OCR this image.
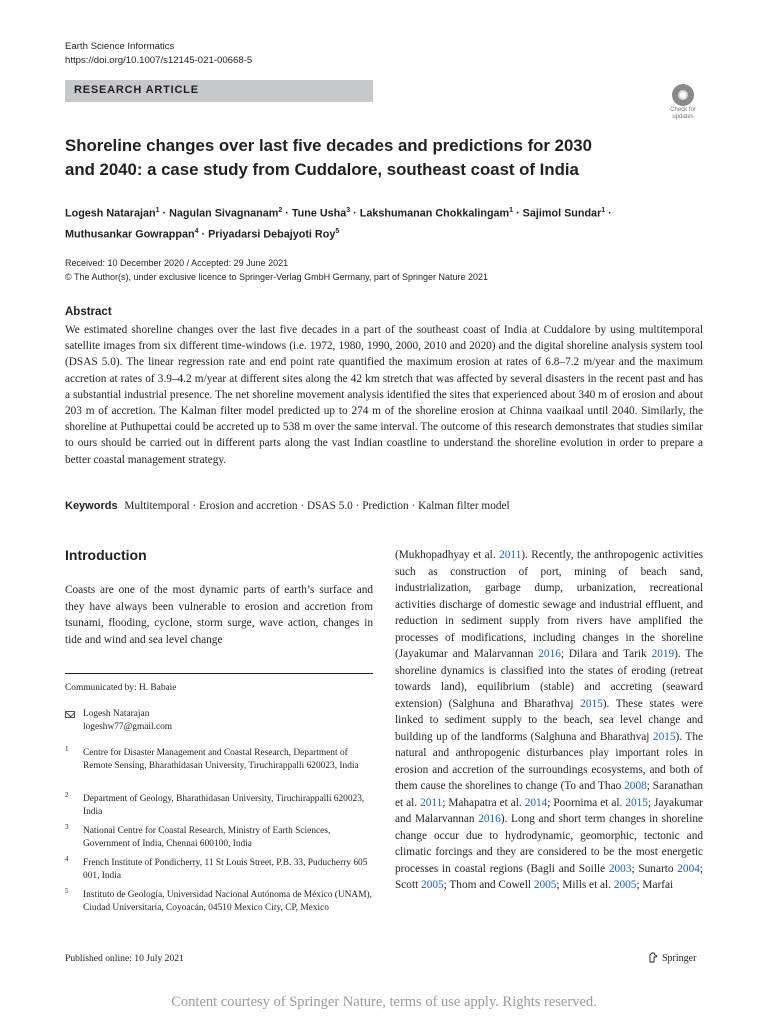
Earth Science Informatics
https://doi.org/10.1007/s12145-021-00668-5
RESEARCH ARTICLE
Check for updates
Shoreline changes over last five decades and predictions for 2030
and 2040: a case study from Cuddalore, southeast coast of India
Logesh Natarajan$^1$ · Nagulan Sivagnanam$^2$ · Tune Usha$^3$ · Lakshumanan Chokkalingam$^1$ · Sajimol Sundar$^1$ ·
Muthusankar Gowrappan$^4$ · Priyadarsi Debajyoti Roy$^5$
Received: 10 December 2020 / Accepted: 29 June 2021
© The Author(s), under exclusive licence to Springer-Verlag GmbH Germany, part of Springer Nature 2021
Abstract
We estimated shoreline changes over the last five decades in a part of the southeast coast of India at Cuddalore by using multitemporal satellite images from six different time-windows (i.e. 1972, 1980, 1990, 2000, 2010 and 2020) and the digital shoreline analysis system tool (DSAS 5.0). The linear regression rate and end point rate quantified the maximum erosion at rates of 6.8–7.2 m/year and the maximum accretion at rates of 3.9–4.2 m/year at different sites along the 42 km stretch that was affected by several disasters in the recent past and has a substantial industrial presence. The net shoreline movement analysis identified the sites that experienced about 340 m of erosion and about 203 m of accretion. The Kalman filter model predicted up to 274 m of the shoreline erosion at Chinna vaaikaal until 2040. Similarly, the shoreline at Puthupettai could be accreted up to 538 m over the same interval. The outcome of this research demonstrates that studies similar to ours should be carried out in different parts along the vast Indian coastline to understand the shoreline evolution in order to prepare a better coastal management strategy.
Keywords Multitemporal · Erosion and accretion · DSAS 5.0 · Prediction · Kalman filter model
Introduction
Coasts are one of the most dynamic parts of earth’s surface and they have always been vulnerable to erosion and accretion from tsunami, flooding, cyclone, storm surge, wave action, changes in tide and wind and sea level change
Communicated by: H. Babaie
Logesh Natarajan
logeshw77@gmail.com
1 Centre for Disaster Management and Coastal Research, Department of Remote Sensing, Bharathidasan University, Tiruchirappalli 620023, India
2 Department of Geology, Bharathidasan University, Tiruchirappalli 620023, India
3 National Centre for Coastal Research, Ministry of Earth Sciences, Government of India, Chennai 600100, India
4 French Institute of Pondicherry, 11 St Louis Street, P.B. 33, Puducherry 605 001, India
5 Instituto de Geología, Universidad Nacional Autónoma de México (UNAM), Ciudad Universitaria, Coyoacán, 04510 Mexico City, CP, Mexico
(Mukhopadhyay et al. 2011). Recently, the anthropogenic activities such as construction of port, mining of beach sand, industrialization, garbage dump, urbanization, recreational activities discharge of domestic sewage and industrial effluent, and reduction in sediment supply from rivers have amplified the processes of modifications, including changes in the shoreline (Jayakumar and Malarvannan 2016; Dilara and Tarik 2019). The shoreline dynamics is classified into the states of eroding (retreat towards land), equilibrium (stable) and accreting (seaward extension) (Salghuna and Bharathvaj 2015). These states were linked to sediment supply to the beach, sea level change and building up of the landforms (Salghuna and Bharathvaj 2015). The natural and anthropogenic disturbances play important roles in erosion and accretion of the surroundings ecosystems, and both of them cause the shorelines to change (To and Thao 2008; Saranathan et al. 2011; Mahapatra et al. 2014; Poornima et al. 2015; Jayakumar and Malarvannan 2016). Long and short term changes in shoreline change occur due to hydrodynamic, geomorphic, tectonic and climatic forcings and they are considered to be the most energetic processes in coastal regions (Bagli and Soille 2003; Sunarto 2004; Scott 2005; Thom and Cowell 2005; Mills et al. 2005; Marfai
Published online: 10 July 2021	Springer
Content courtesy of Springer Nature, terms of use apply. Rights reserved.
